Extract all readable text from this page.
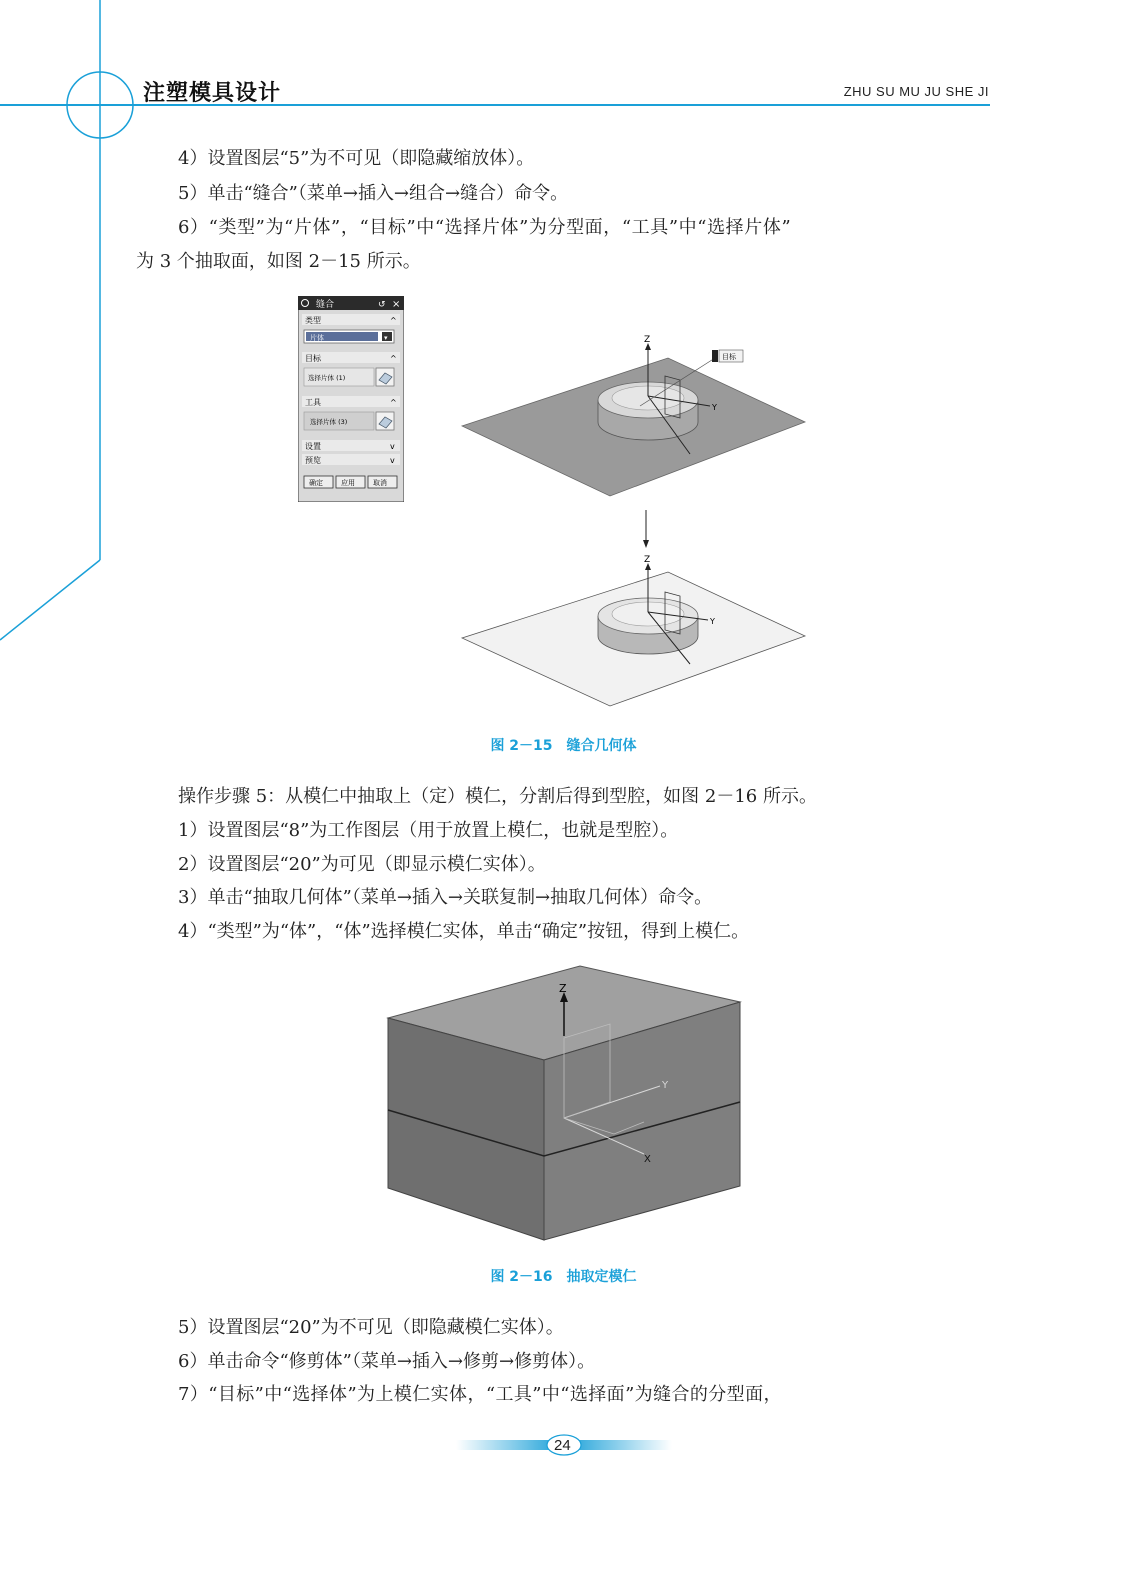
注塑模具设计	ZHU SU MU JU SHE JI
4）设置图层“5”为不可见（即隐藏缩放体）。
5）单击“缝合”（菜单→插入→组合→缝合）命令。
6）“类型”为“片体”，“目标”中“选择片体”为分型面，“工具”中“选择片体”
为 3 个抽取面，如图 2－15 所示。
缝合	↺ ×
类型	^
片体	▾
目标	^
选择片体 (1)
工具	^
选择片体 (3)
设置	v
预览	v
确定	应用	取消
Z
Y
目标
Z
Y
图 2－15　缝合几何体
操作步骤 5：从模仁中抽取上（定）模仁，分割后得到型腔，如图 2－16 所示。
1）设置图层“8”为工作图层（用于放置上模仁，也就是型腔）。
2）设置图层“20”为可见（即显示模仁实体）。
3）单击“抽取几何体”（菜单→插入→关联复制→抽取几何体）命令。
4）“类型”为“体”，“体”选择模仁实体，单击“确定”按钮，得到上模仁。
Z
Y
X
图 2－16　抽取定模仁
5）设置图层“20”为不可见（即隐藏模仁实体）。
6）单击命令“修剪体”（菜单→插入→修剪→修剪体）。
7）“目标”中“选择体”为上模仁实体，“工具”中“选择面”为缝合的分型面，
24
